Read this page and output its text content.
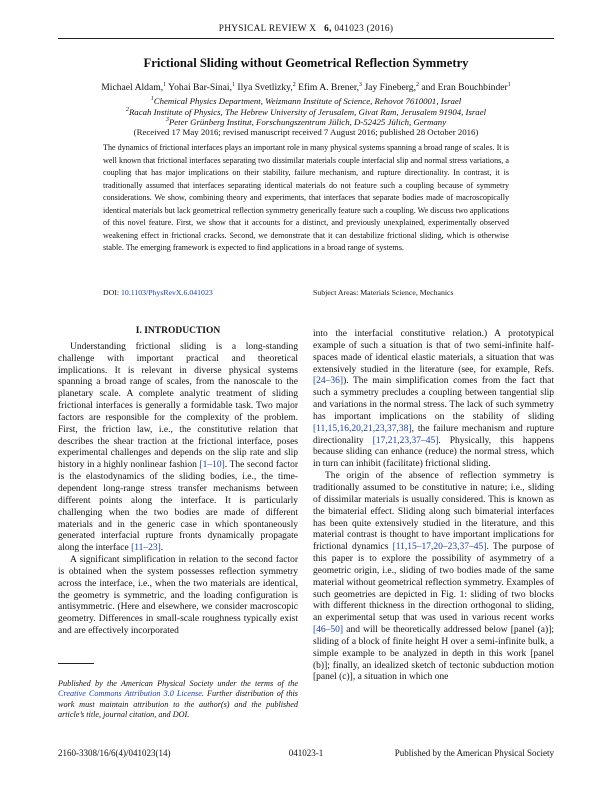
PHYSICAL REVIEW X 6, 041023 (2016)
Frictional Sliding without Geometrical Reflection Symmetry
Michael Aldam,$^1$ Yohai Bar-Sinai,$^1$ Ilya Svetlizky,$^2$ Efim A. Brener,$^3$ Jay Fineberg,$^2$ and Eran Bouchbinder$^1$
$^1$Chemical Physics Department, Weizmann Institute of Science, Rehovot 7610001, Israel
$^2$Racah Institute of Physics, The Hebrew University of Jerusalem, Givat Ram, Jerusalem 91904, Israel
$^3$Peter Grünberg Institut, Forschungszentrum Jülich, D-52425 Jülich, Germany
(Received 17 May 2016; revised manuscript received 7 August 2016; published 28 October 2016)
The dynamics of frictional interfaces plays an important role in many physical systems spanning a broad range of scales. It is well known that frictional interfaces separating two dissimilar materials couple interfacial slip and normal stress variations, a coupling that has major implications on their stability, failure mechanism, and rupture directionality. In contrast, it is traditionally assumed that interfaces separating identical materials do not feature such a coupling because of symmetry considerations. We show, combining theory and experiments, that interfaces that separate bodies made of macroscopically identical materials but lack geometrical reflection symmetry generically feature such a coupling. We discuss two applications of this novel feature. First, we show that it accounts for a distinct, and previously unexplained, experimentally observed weakening effect in frictional cracks. Second, we demonstrate that it can destabilize frictional sliding, which is otherwise stable. The emerging framework is expected to find applications in a broad range of systems.
DOI: 10.1103/PhysRevX.6.041023	Subject Areas: Materials Science, Mechanics
I. INTRODUCTION

Understanding frictional sliding is a long-standing challenge with important practical and theoretical implications. It is relevant in diverse physical systems spanning a broad range of scales, from the nanoscale to the planetary scale. A complete analytic treatment of sliding frictional interfaces is generally a formidable task. Two major factors are responsible for the complexity of the problem. First, the friction law, i.e., the constitutive relation that describes the shear traction at the frictional interface, poses experimental challenges and depends on the slip rate and slip history in a highly nonlinear fashion [1–10]. The second factor is the elastodynamics of the sliding bodies, i.e., the time-dependent long-range stress transfer mechanisms between different points along the interface. It is particularly challenging when the two bodies are made of different materials and in the generic case in which spontaneously generated interfacial rupture fronts dynamically propagate along the interface [11–23].

A significant simplification in relation to the second factor is obtained when the system possesses reflection symmetry across the interface, i.e., when the two materials are identical, the geometry is symmetric, and the loading configuration is antisymmetric. (Here and elsewhere, we consider macroscopic geometry. Differences in small-scale roughness typically exist and are effectively incorporated

into the interfacial constitutive relation.) A prototypical example of such a situation is that of two semi-infinite half-spaces made of identical elastic materials, a situation that was extensively studied in the literature (see, for example, Refs. [24–36]). The main simplification comes from the fact that such a symmetry precludes a coupling between tangential slip and variations in the normal stress. The lack of such symmetry has important implications on the stability of sliding [11,15,16,20,21,23,37,38], the failure mechanism and rupture directionality [17,21,23,37–45]. Physically, this happens because sliding can enhance (reduce) the normal stress, which in turn can inhibit (facilitate) frictional sliding.

The origin of the absence of reflection symmetry is traditionally assumed to be constitutive in nature; i.e., sliding of dissimilar materials is usually considered. This is known as the bimaterial effect. Sliding along such bimaterial interfaces has been quite extensively studied in the literature, and this material contrast is thought to have important implications for frictional dynamics [11,15–17,20–23,37–45]. The purpose of this paper is to explore the possibility of asymmetry of a geometric origin, i.e., sliding of two bodies made of the same material without geometrical reflection symmetry. Examples of such geometries are depicted in Fig. 1: sliding of two blocks with different thickness in the direction orthogonal to sliding, an experimental setup that was used in various recent works [46–50] and will be theoretically addressed below [panel (a)]; sliding of a block of finite height H over a semi-infinite bulk, a simple example to be analyzed in depth in this work [panel (b)]; finally, an idealized sketch of tectonic subduction motion [panel (c)], a situation in which one

Published by the American Physical Society under the terms of the Creative Commons Attribution 3.0 License. Further distribution of this work must maintain attribution to the author(s) and the published article’s title, journal citation, and DOI.
2160-3308/16/6(4)/041023(14)	041023-1	Published by the American Physical Society
